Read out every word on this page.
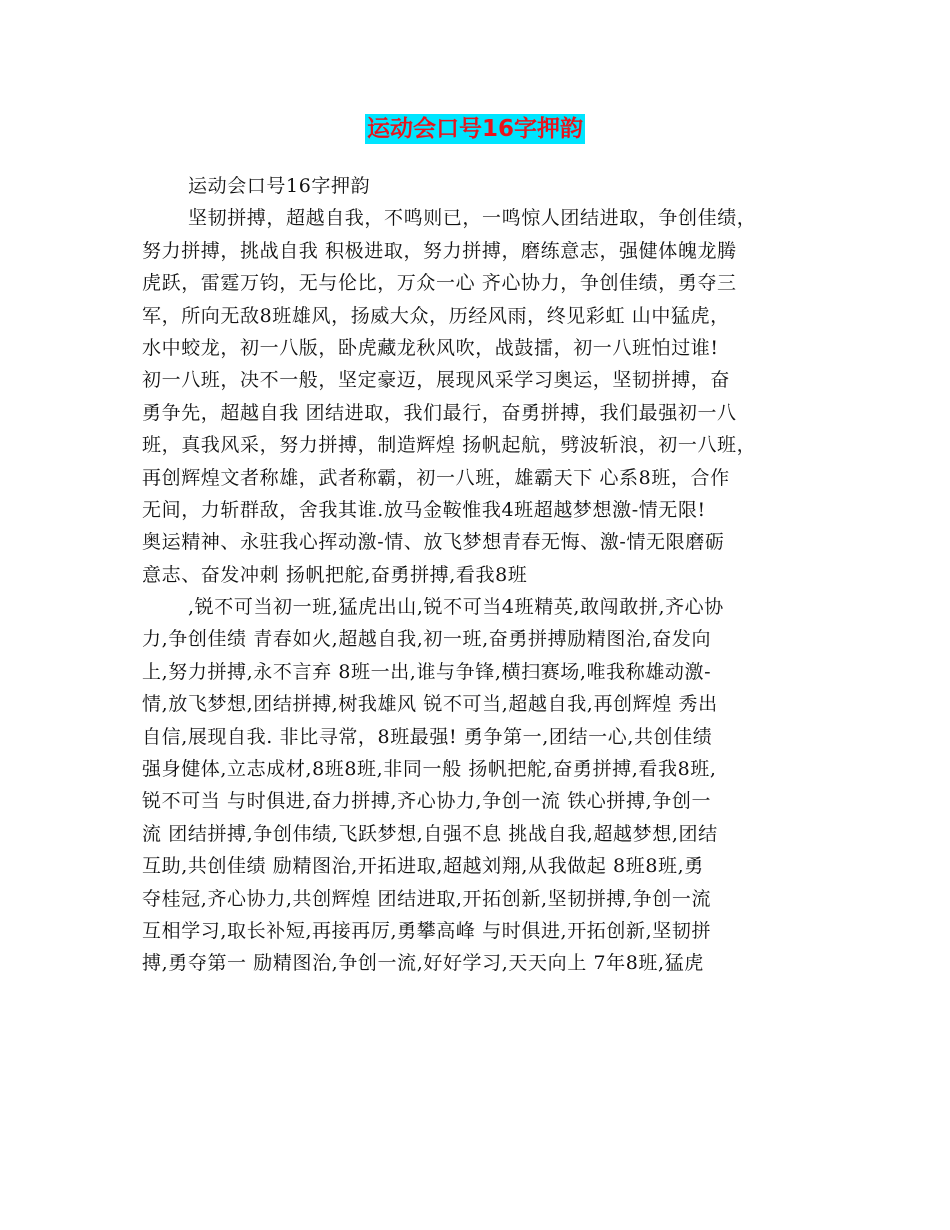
运动会口号16字押韵
运动会口号16字押韵
坚韧拼搏，超越自我，不鸣则已，一鸣惊人团结进取，争创佳绩，
努力拼搏，挑战自我 积极进取，努力拼搏，磨练意志，强健体魄龙腾
虎跃，雷霆万钧，无与伦比，万众一心 齐心协力，争创佳绩，勇夺三
军，所向无敌8班雄风，扬威大众，历经风雨，终见彩虹 山中猛虎，
水中蛟龙，初一八版，卧虎藏龙秋风吹，战鼓擂，初一八班怕过谁!
初一八班，决不一般，坚定豪迈，展现风采学习奥运，坚韧拼搏，奋
勇争先，超越自我 团结进取，我们最行，奋勇拼搏，我们最强初一八
班，真我风采，努力拼搏，制造辉煌 扬帆起航，劈波斩浪，初一八班，
再创辉煌文者称雄，武者称霸，初一八班，雄霸天下 心系8班，合作
无间，力斩群敌，舍我其谁.放马金鞍惟我4班超越梦想激-情无限!
奥运精神、永驻我心挥动激-情、放飞梦想青春无悔、激-情无限磨砺
意志、奋发冲刺 扬帆把舵,奋勇拼搏,看我8班
,锐不可当初一班,猛虎出山,锐不可当4班精英,敢闯敢拼,齐心协
力,争创佳绩 青春如火,超越自我,初一班,奋勇拼搏励精图治,奋发向
上,努力拼搏,永不言弃 8班一出,谁与争锋,横扫赛场,唯我称雄动激-
情,放飞梦想,团结拼搏,树我雄风 锐不可当,超越自我,再创辉煌 秀出
自信,展现自我. 非比寻常，8班最强! 勇争第一,团结一心,共创佳绩
强身健体,立志成材,8班8班,非同一般 扬帆把舵,奋勇拼搏,看我8班,
锐不可当 与时俱进,奋力拼搏,齐心协力,争创一流 铁心拼搏,争创一
流 团结拼搏,争创伟绩,飞跃梦想,自强不息 挑战自我,超越梦想,团结
互助,共创佳绩 励精图治,开拓进取,超越刘翔,从我做起 8班8班,勇
夺桂冠,齐心协力,共创辉煌 团结进取,开拓创新,坚韧拼搏,争创一流
互相学习,取长补短,再接再厉,勇攀高峰 与时俱进,开拓创新,坚韧拼
搏,勇夺第一 励精图治,争创一流,好好学习,天天向上 7年8班,猛虎
